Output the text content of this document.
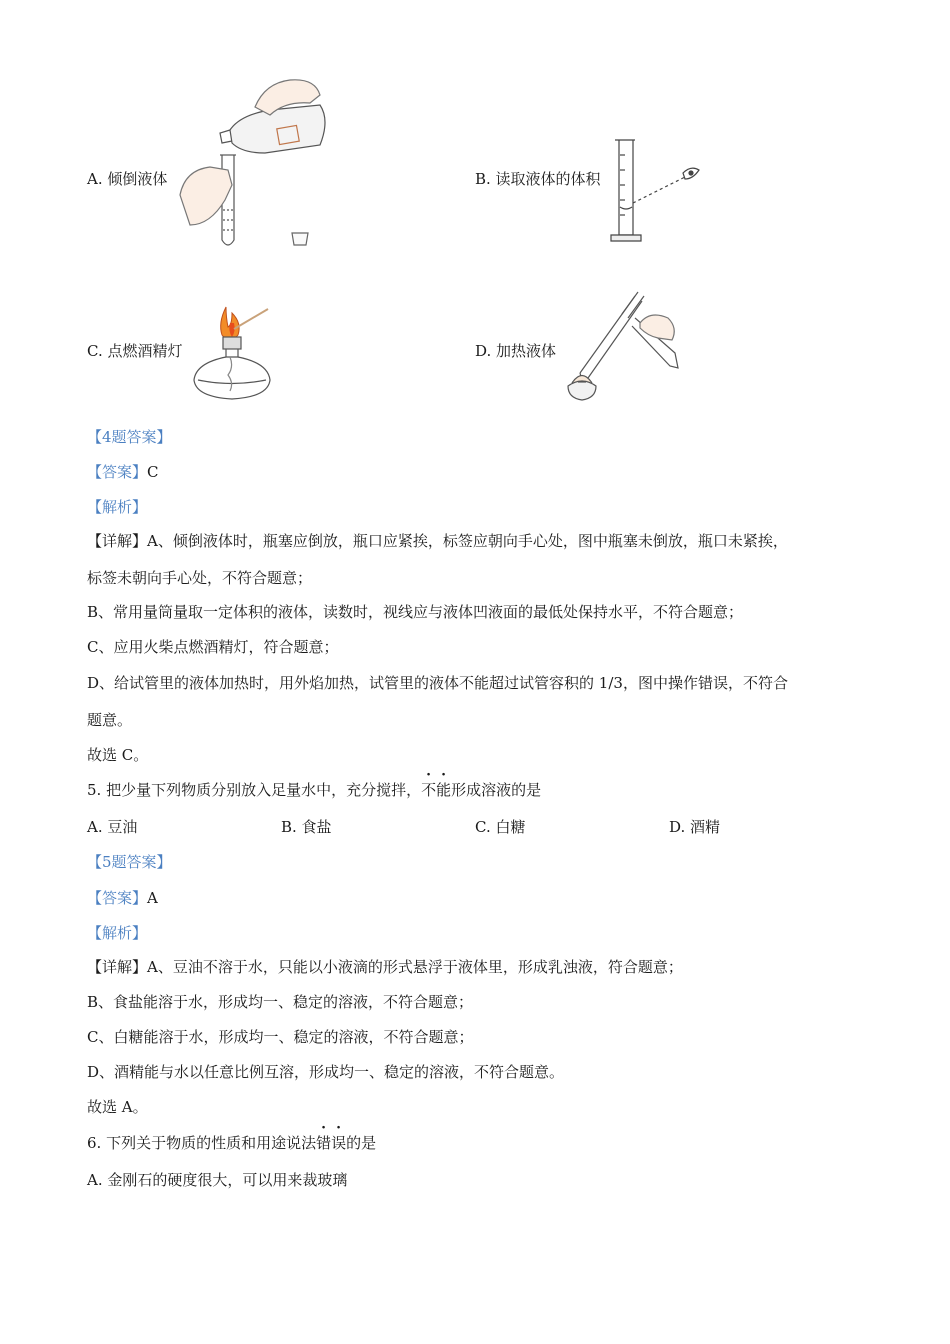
A. 倾倒液体	B. 读取液体的体积
C. 点燃酒精灯	D. 加热液体
【4题答案】
【答案】C
【解析】
【详解】A、倾倒液体时，瓶塞应倒放，瓶口应紧挨，标签应朝向手心处，图中瓶塞未倒放，瓶口未紧挨，
标签未朝向手心处，不符合题意；
B、常用量筒量取一定体积的液体，读数时，视线应与液体凹液面的最低处保持水平，不符合题意；
C、应用火柴点燃酒精灯，符合题意；
D、给试管里的液体加热时，用外焰加热，试管里的液体不能超过试管容积的 1/3，图中操作错误，不符合
题意。
故选 C。
5. 把少量下列物质分别放入足量水中，充分搅拌，不能形成溶液的是
A. 豆油	B. 食盐	C. 白糖	D. 酒精
【5题答案】
【答案】A
【解析】
【详解】A、豆油不溶于水，只能以小液滴的形式悬浮于液体里，形成乳浊液，符合题意；
B、食盐能溶于水，形成均一、稳定的溶液，不符合题意；
C、白糖能溶于水，形成均一、稳定的溶液，不符合题意；
D、酒精能与水以任意比例互溶，形成均一、稳定的溶液，不符合题意。
故选 A。
6. 下列关于物质的性质和用途说法错误的是
A. 金刚石的硬度很大，可以用来裁玻璃
